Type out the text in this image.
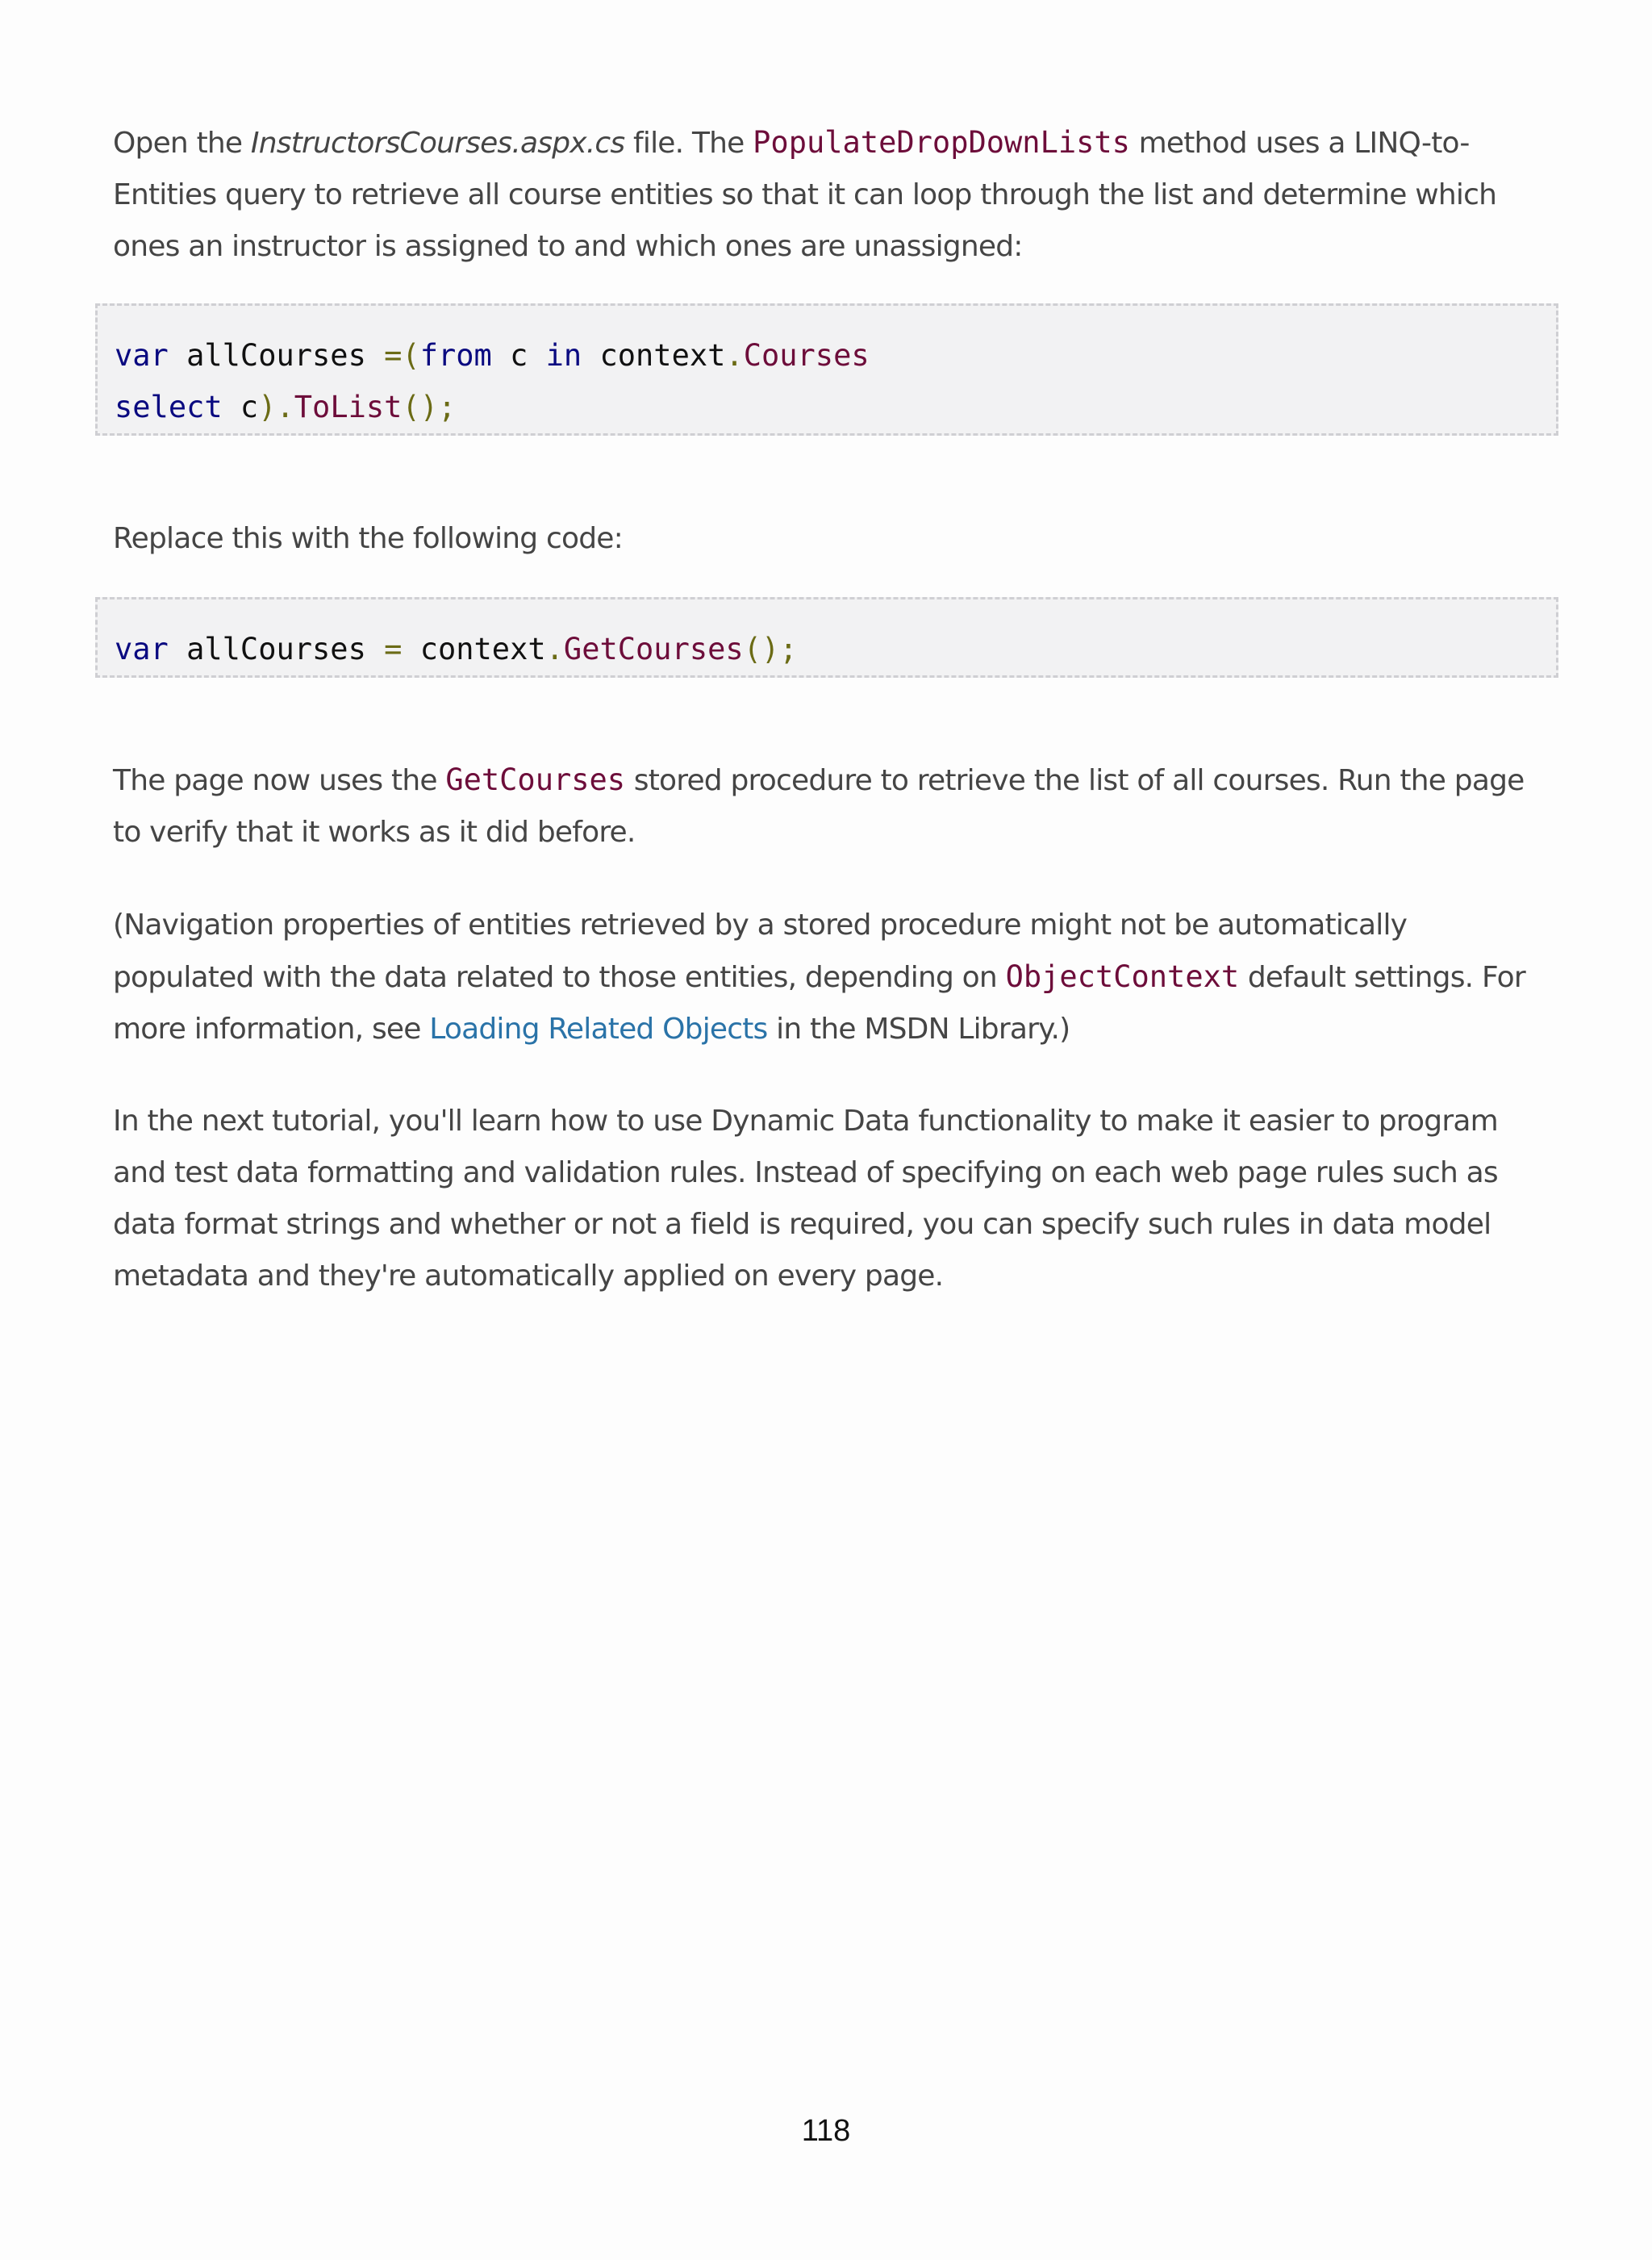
Open the InstructorsCourses.aspx.cs file. The PopulateDropDownLists method uses a LINQ-to-Entities query to retrieve all course entities so that it can loop through the list and determine which ones an instructor is assigned to and which ones are unassigned:

var allCourses =(from c in context.Courses
select c).ToList();

Replace this with the following code:

var allCourses = context.GetCourses();

The page now uses the GetCourses stored procedure to retrieve the list of all courses. Run the page to verify that it works as it did before.

(Navigation properties of entities retrieved by a stored procedure might not be automatically populated with the data related to those entities, depending on ObjectContext default settings. For more information, see Loading Related Objects in the MSDN Library.)

In the next tutorial, you'll learn how to use Dynamic Data functionality to make it easier to program and test data formatting and validation rules. Instead of specifying on each web page rules such as data format strings and whether or not a field is required, you can specify such rules in data model metadata and they're automatically applied on every page.

118
